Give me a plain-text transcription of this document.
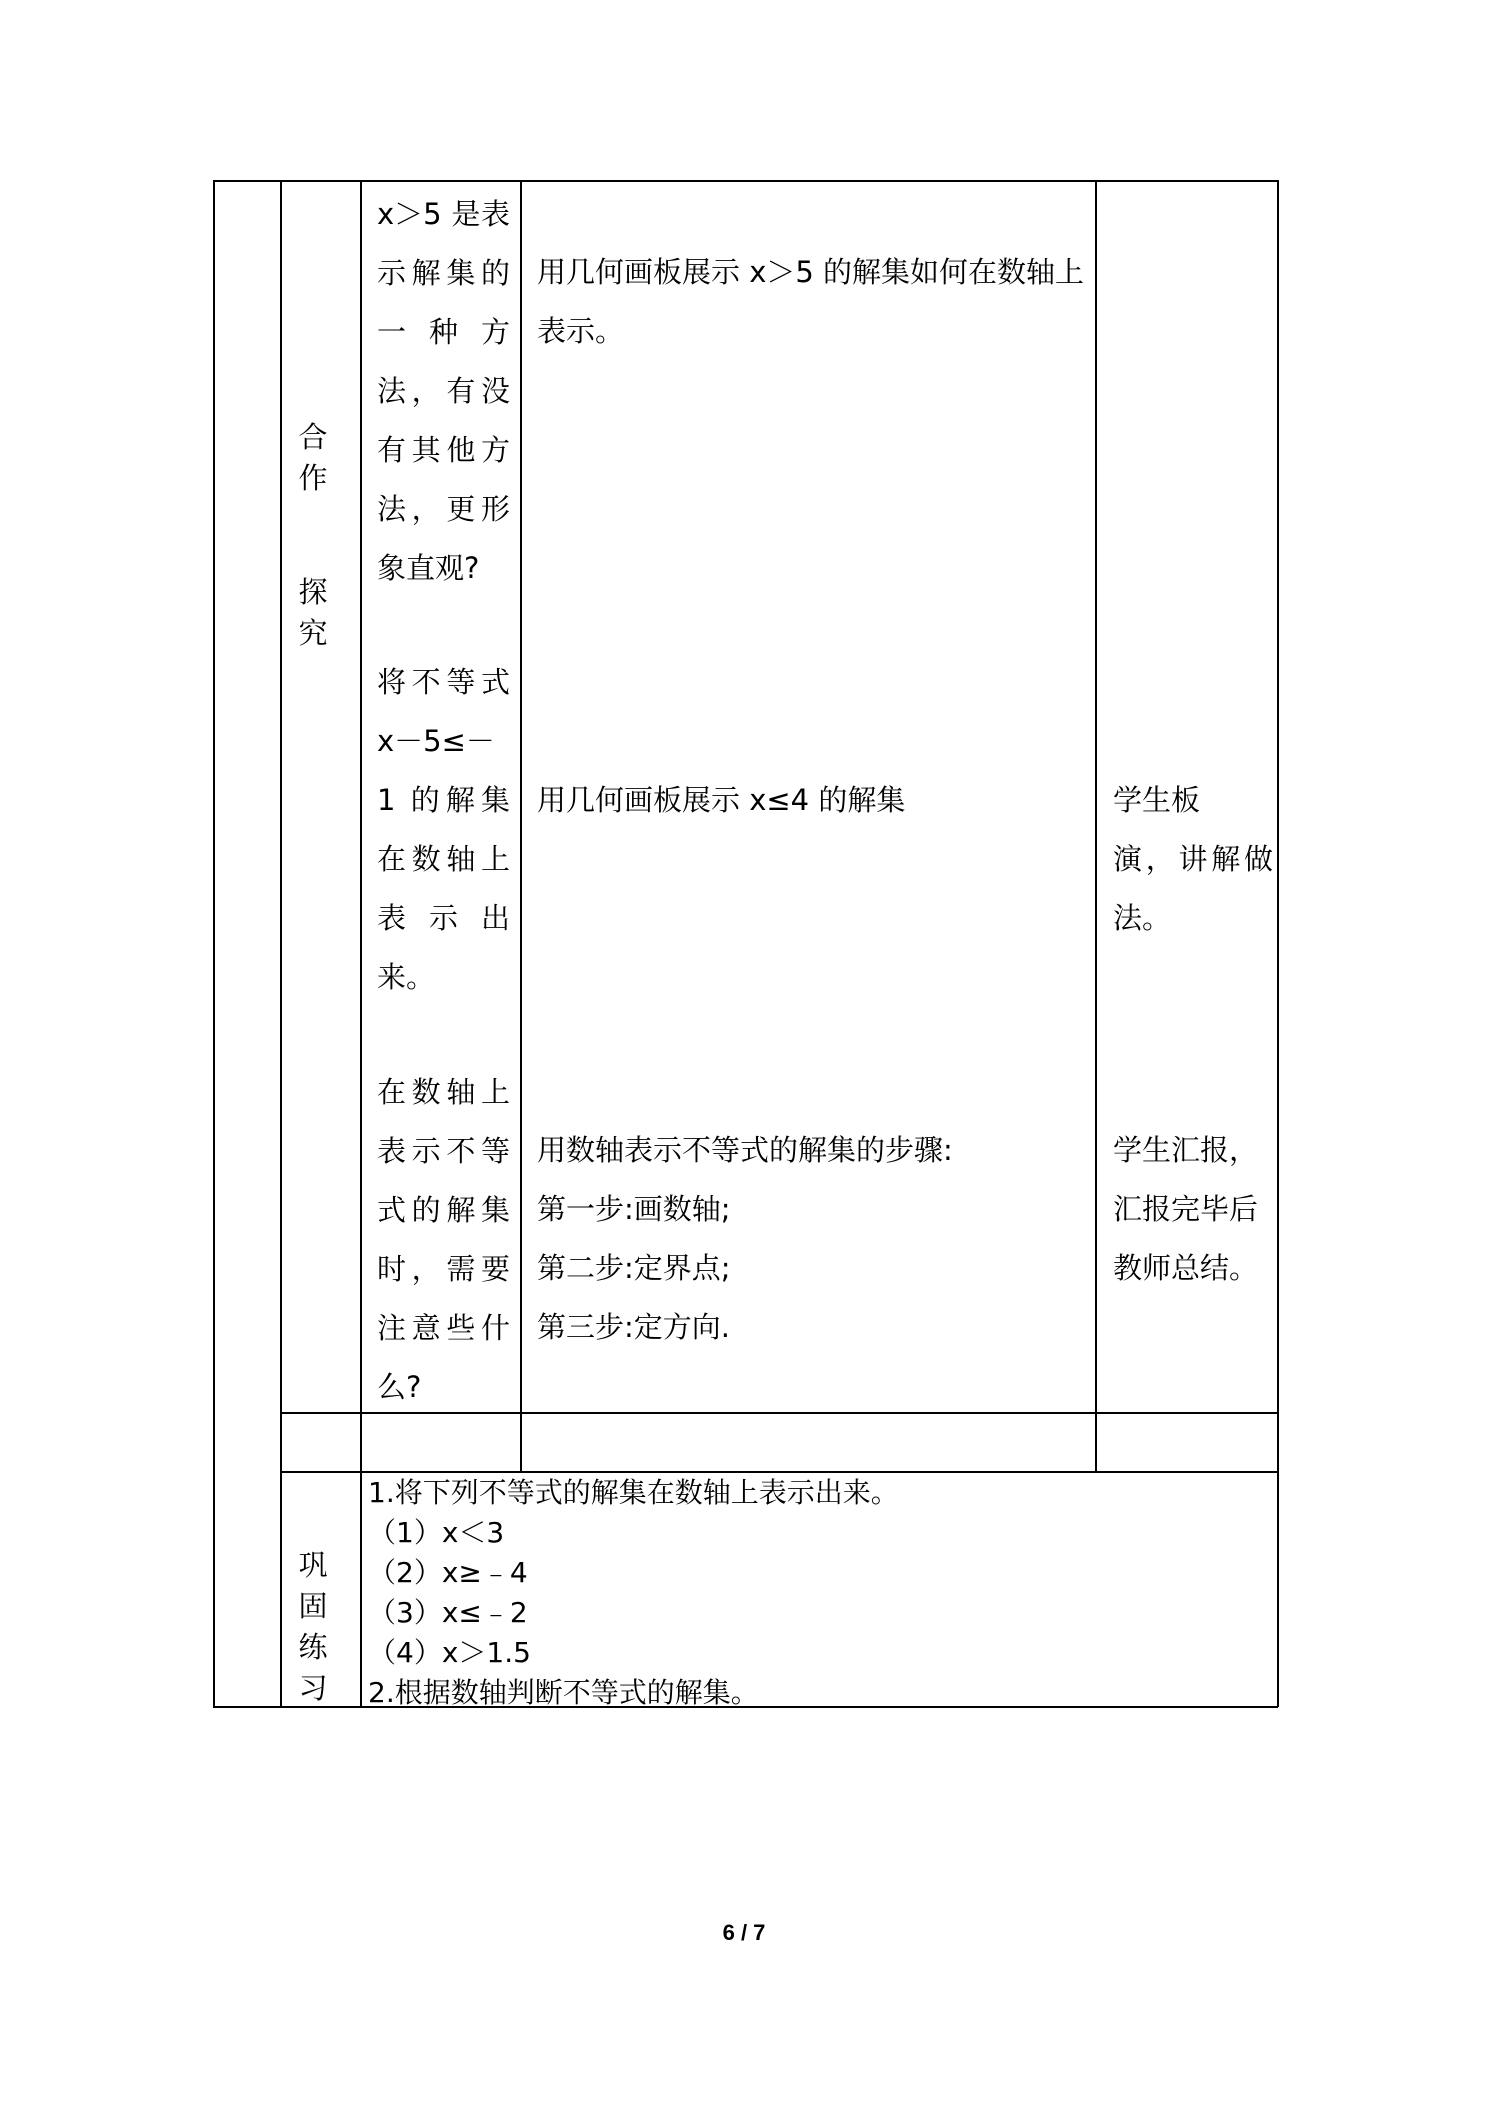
合
作
探
究
x＞5 是表
示解集的
一 种 方
法，有没
有其他方
法，更形
象直观?
用几何画板展示 x＞5 的解集如何在数轴上
表示。
将不等式
x－5≤－
1 的解集
在数轴上
表 示 出
来。
用几何画板展示 x≤4 的解集	学生板
演，讲解做
法。
在数轴上
表示不等
式的解集
时，需要
注意些什
么?
用数轴表示不等式的解集的步骤:
第一步:画数轴;
第二步:定界点;
第三步:定方向.
学生汇报，
汇报完毕后
教师总结。
巩
固
练
习
1.将下列不等式的解集在数轴上表示出来。
（1）x＜3
（2）x≥﹣4
（3）x≤﹣2
（4）x＞1.5
2.根据数轴判断不等式的解集。
6 / 7
